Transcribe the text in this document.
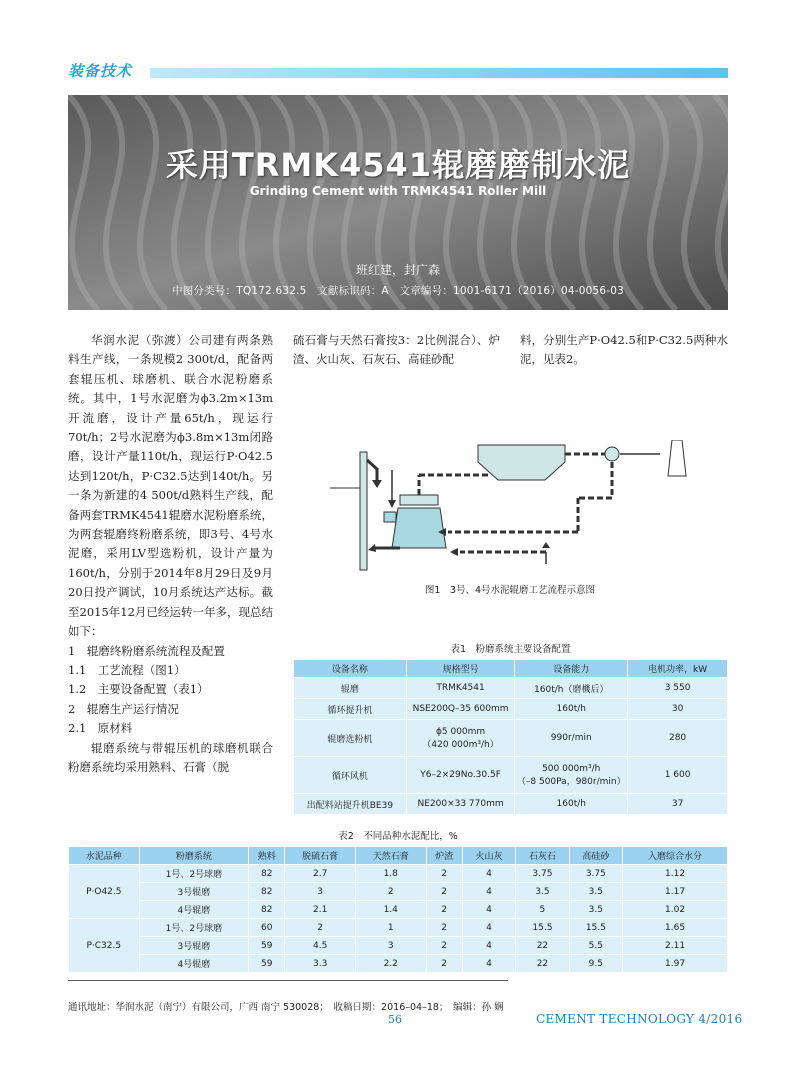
装备技术
采用TRMK4541辊磨磨制水泥
Grinding Cement with TRMK4541 Roller Mill
班红建，封广森
中图分类号：TQ172.632.5　文献标识码：A　文章编号：1001-6171（2016）04-0056-03

华润水泥（弥渡）公司建有两条熟料生产线，一条规模2 300t/d，配备两套辊压机、球磨机、联合水泥粉磨系统。其中，1号水泥磨为ϕ3.2m×13m开流磨，设计产量65t/h，现运行70t/h；2号水泥磨为ϕ3.8m×13m闭路磨，设计产量110t/h，现运行P·O42.5达到120t/h，P·C32.5达到140t/h。另一条为新建的4 500t/d熟料生产线，配备两套TRMK4541辊磨水泥粉磨系统，为两套辊磨终粉磨系统，即3号、4号水泥磨，采用LV型选粉机，设计产量为160t/h，分别于2014年8月29日及9月20日投产调试，10月系统达产达标。截至2015年12月已经运转一年多，现总结如下：

1　辊磨终粉磨系统流程及配置

1.1　工艺流程（图1）

1.2　主要设备配置（表1）

2　辊磨生产运行情况

2.1　原材料

辊磨系统与带辊压机的球磨机联合粉磨系统均采用熟料、石膏（脱

硫石膏与天然石膏按3：2比例混合）、炉渣、火山灰、石灰石、高硅砂配

料，分别生产P·O42.5和P·C32.5两种水泥，见表2。

图1　3号、4号水泥辊磨工艺流程示意图
表1　粉磨系统主要设备配置
设备名称	规格型号	设备能力	电机功率，kW
辊磨	TRMK4541	160t/h（磨機后）	3 550
循环提升机	NSE200Q–35 600mm	160t/h	30
辊磨选粉机	ϕ5 000mm
（420 000m³/h）	990r/min	280
循环风机	Y6–2×29No.30.5F	500 000m³/h
（–8 500Pa，980r/min）	1 600
出配料站提升机BE39	NE200×33 770mm	160t/h	37
表2　不同品种水泥配比，%
水泥品种	粉磨系统	熟料	脱硫石膏	天然石膏	炉渣	火山灰	石灰石	高硅砂	入磨综合水分
P·O42.5	1号、2号球磨	82	2.7	1.8	2	4	3.75	3.75	1.12
	3号辊磨	82	3	2	2	4	3.5	3.5	1.17
	4号辊磨	82	2.1	1.4	2	4	5	3.5	1.02
P·C32.5	1号、2号球磨	60	2	1	2	4	15.5	15.5	1.65
	3号辊磨	59	4.5	3	2	4	22	5.5	2.11
	4号辊磨	59	3.3	2.2	2	4	22	9.5	1.97
通讯地址：华润水泥（南宁）有限公司，广西 南宁 530028；　收稿日期：2016–04–18；　编辑：孙 娴
56	CEMENT TECHNOLOGY 4/2016
